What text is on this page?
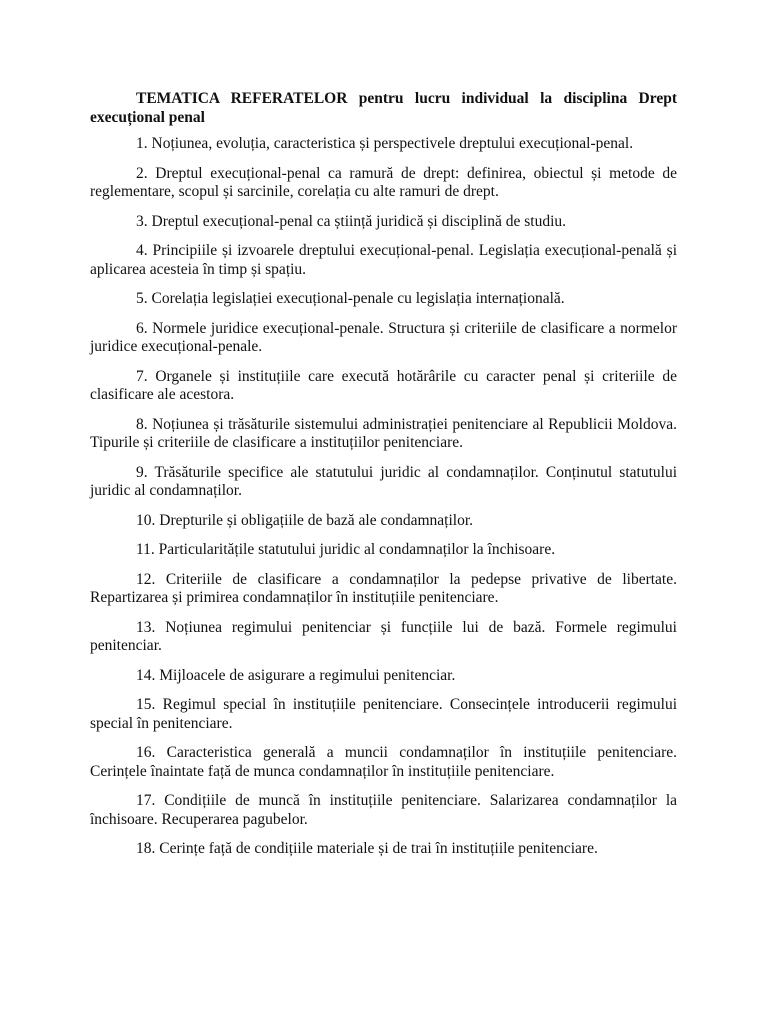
TEMATICA REFERATELOR pentru lucru individual la disciplina Drept execuțional penal

1. Noțiunea, evoluția, caracteristica și perspectivele dreptului execuțional-penal.

2. Dreptul execuțional-penal ca ramură de drept: definirea, obiectul și metode de reglementare, scopul și sarcinile, corelația cu alte ramuri de drept.

3. Dreptul execuțional-penal ca știință juridică și disciplină de studiu.

4. Principiile și izvoarele dreptului execuțional-penal. Legislația execuțional-penală și aplicarea acesteia în timp și spațiu.

5. Corelația legislației execuțional-penale cu legislația internațională.

6. Normele juridice execuțional-penale. Structura și criteriile de clasificare a normelor juridice execuțional-penale.

7. Organele și instituțiile care execută hotărârile cu caracter penal și criteriile de clasificare ale acestora.

8. Noțiunea și trăsăturile sistemului administrației penitenciare al Republicii Moldova. Tipurile și criteriile de clasificare a instituțiilor penitenciare.

9. Trăsăturile specifice ale statutului juridic al condamnaților. Conținutul statutului juridic al condamnaților.

10. Drepturile și obligațiile de bază ale condamnaților.

11. Particularitățile statutului juridic al condamnaților la închisoare.

12. Criteriile de clasificare a condamnaților la pedepse privative de libertate. Repartizarea și primirea condamnaților în instituțiile penitenciare.

13. Noțiunea regimului penitenciar și funcțiile lui de bază. Formele regimului penitenciar.

14. Mijloacele de asigurare a regimului penitenciar.

15. Regimul special în instituțiile penitenciare. Consecințele introducerii regimului special în penitenciare.

16. Caracteristica generală a muncii condamnaților în instituțiile penitenciare. Cerințele înaintate față de munca condamnaților în instituțiile penitenciare.

17. Condițiile de muncă în instituțiile penitenciare. Salarizarea condamnaților la închisoare. Recuperarea pagubelor.

18. Cerințe față de condițiile materiale și de trai în instituțiile penitenciare.
